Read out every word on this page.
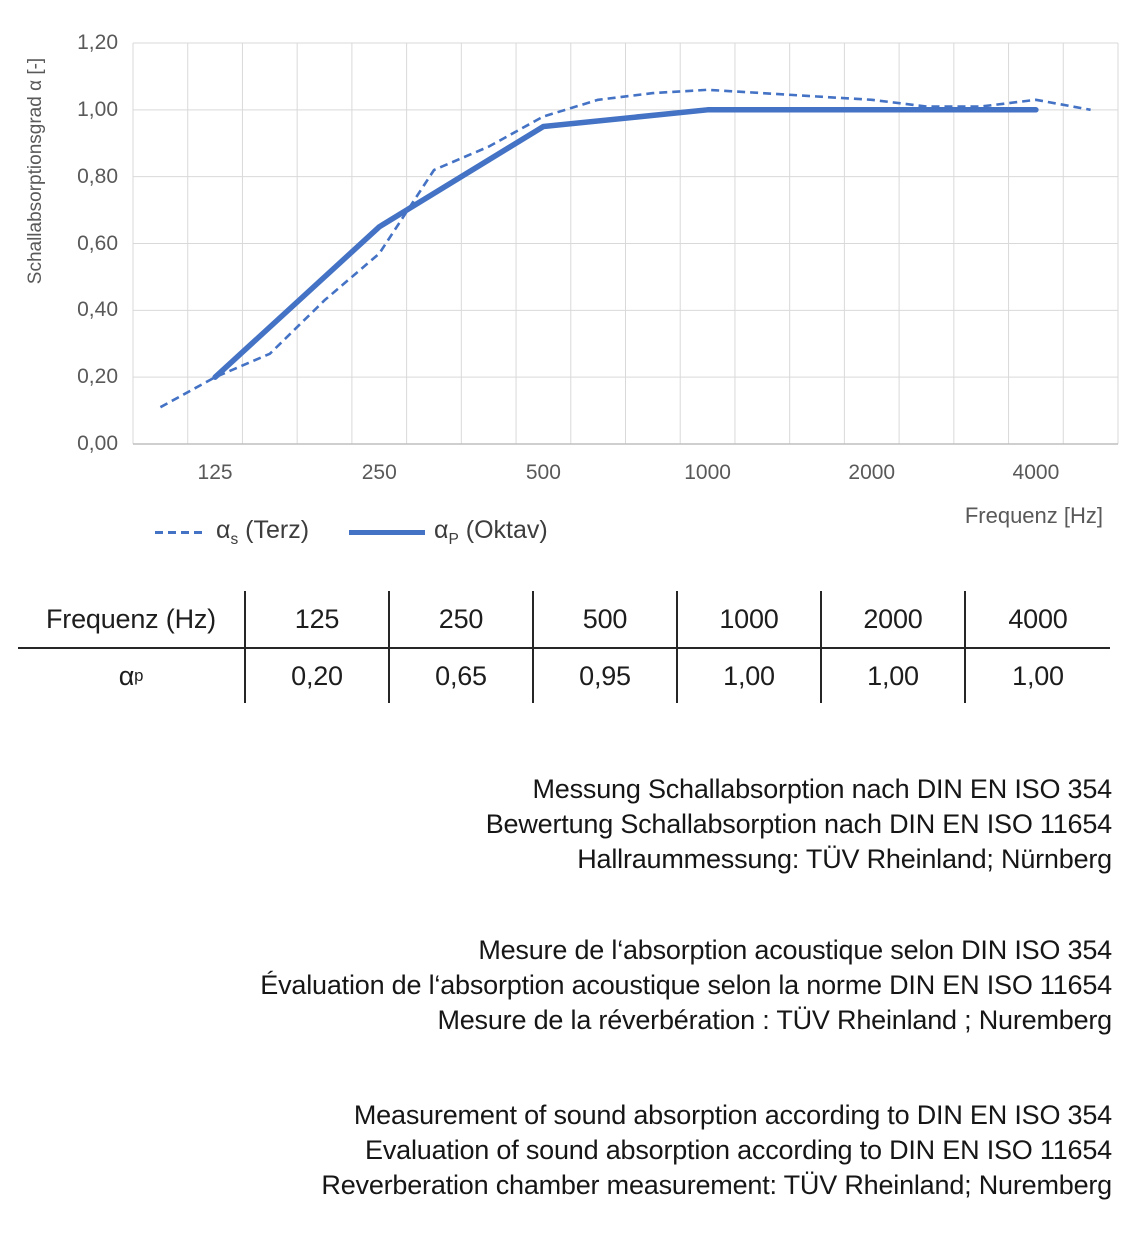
Schallabsorptionsgrad α [-]
0,00
0,20
0,40
0,60
0,80
1,00
1,20
125	250	500	1000	2000	4000
Frequenz [Hz]
$\alpha_s$ (Terz)	$\alpha_P$ (Oktav)
Frequenz (Hz)	125	250	500	1000	2000	4000
α p	0,20	0,65	0,95	1,00	1,00	1,00
Messung Schallabsorption nach DIN EN ISO 354
Bewertung Schallabsorption nach DIN EN ISO 11654
Hallraummessung: TÜV Rheinland; Nürnberg
Mesure de l‘absorption acoustique selon DIN ISO 354
Évaluation de l‘absorption acoustique selon la norme DIN EN ISO 11654
Mesure de la réverbération : TÜV Rheinland ; Nuremberg
Measurement of sound absorption according to DIN EN ISO 354
Evaluation of sound absorption according to DIN EN ISO 11654
Reverberation chamber measurement: TÜV Rheinland; Nuremberg
